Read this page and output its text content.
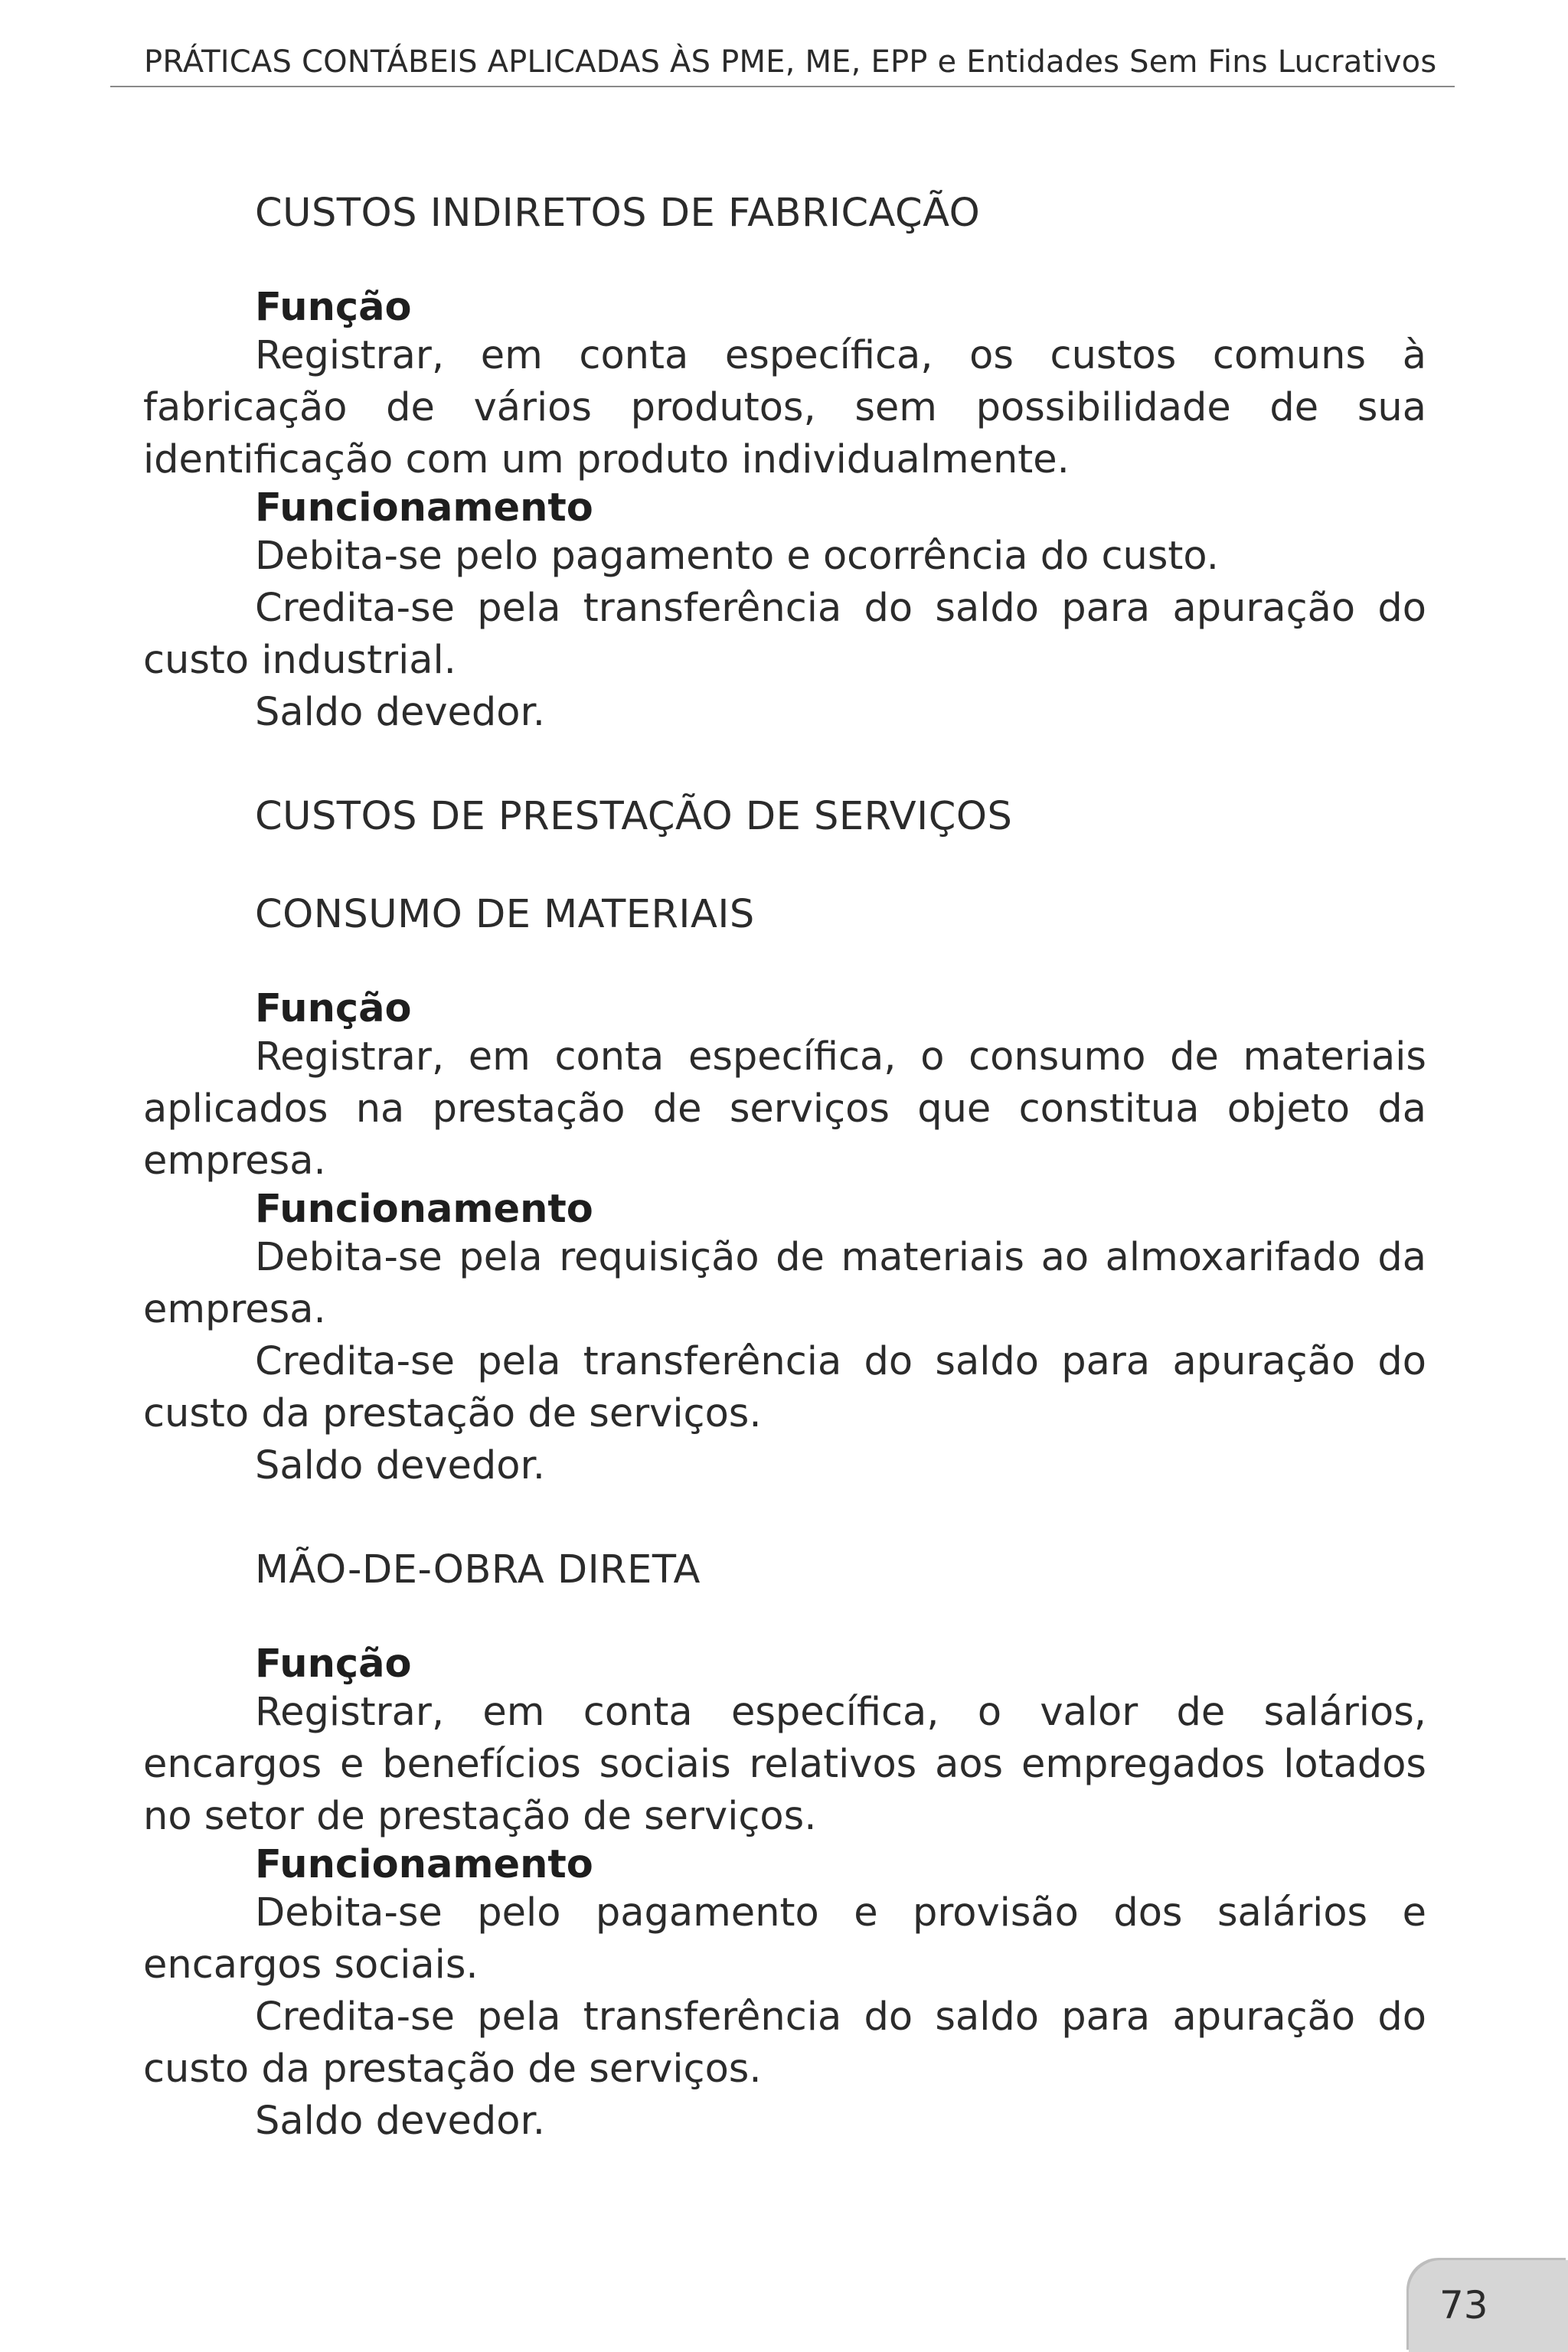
PRÁTICAS CONTÁBEIS APLICADAS ÀS PME, ME, EPP e Entidades Sem Fins Lucrativos
CUSTOS INDIRETOS DE FABRICAÇÃO
Função

Registrar, em conta específica, os custos comuns à fabricação de vários produtos, sem possibilidade de sua identificação com um produto individualmente.

Funcionamento

Debita-se pelo pagamento e ocorrência do custo.

Credita-se pela transferência do saldo para apuração do custo industrial.

Saldo devedor.

CUSTOS DE PRESTAÇÃO DE SERVIÇOS
CONSUMO DE MATERIAIS
Função

Registrar, em conta específica, o consumo de materiais aplicados na prestação de serviços que constitua objeto da empresa.

Funcionamento

Debita-se pela requisição de materiais ao almoxarifado da empresa.

Credita-se pela transferência do saldo para apuração do custo da prestação de serviços.

Saldo devedor.

MÃO-DE-OBRA DIRETA
Função

Registrar, em conta específica, o valor de salários, encargos e benefícios sociais relativos aos empregados lotados no setor de prestação de serviços.

Funcionamento

Debita-se pelo pagamento e provisão dos salários e encargos sociais.

Credita-se pela transferência do saldo para apuração do custo da prestação de serviços.

Saldo devedor.

73
